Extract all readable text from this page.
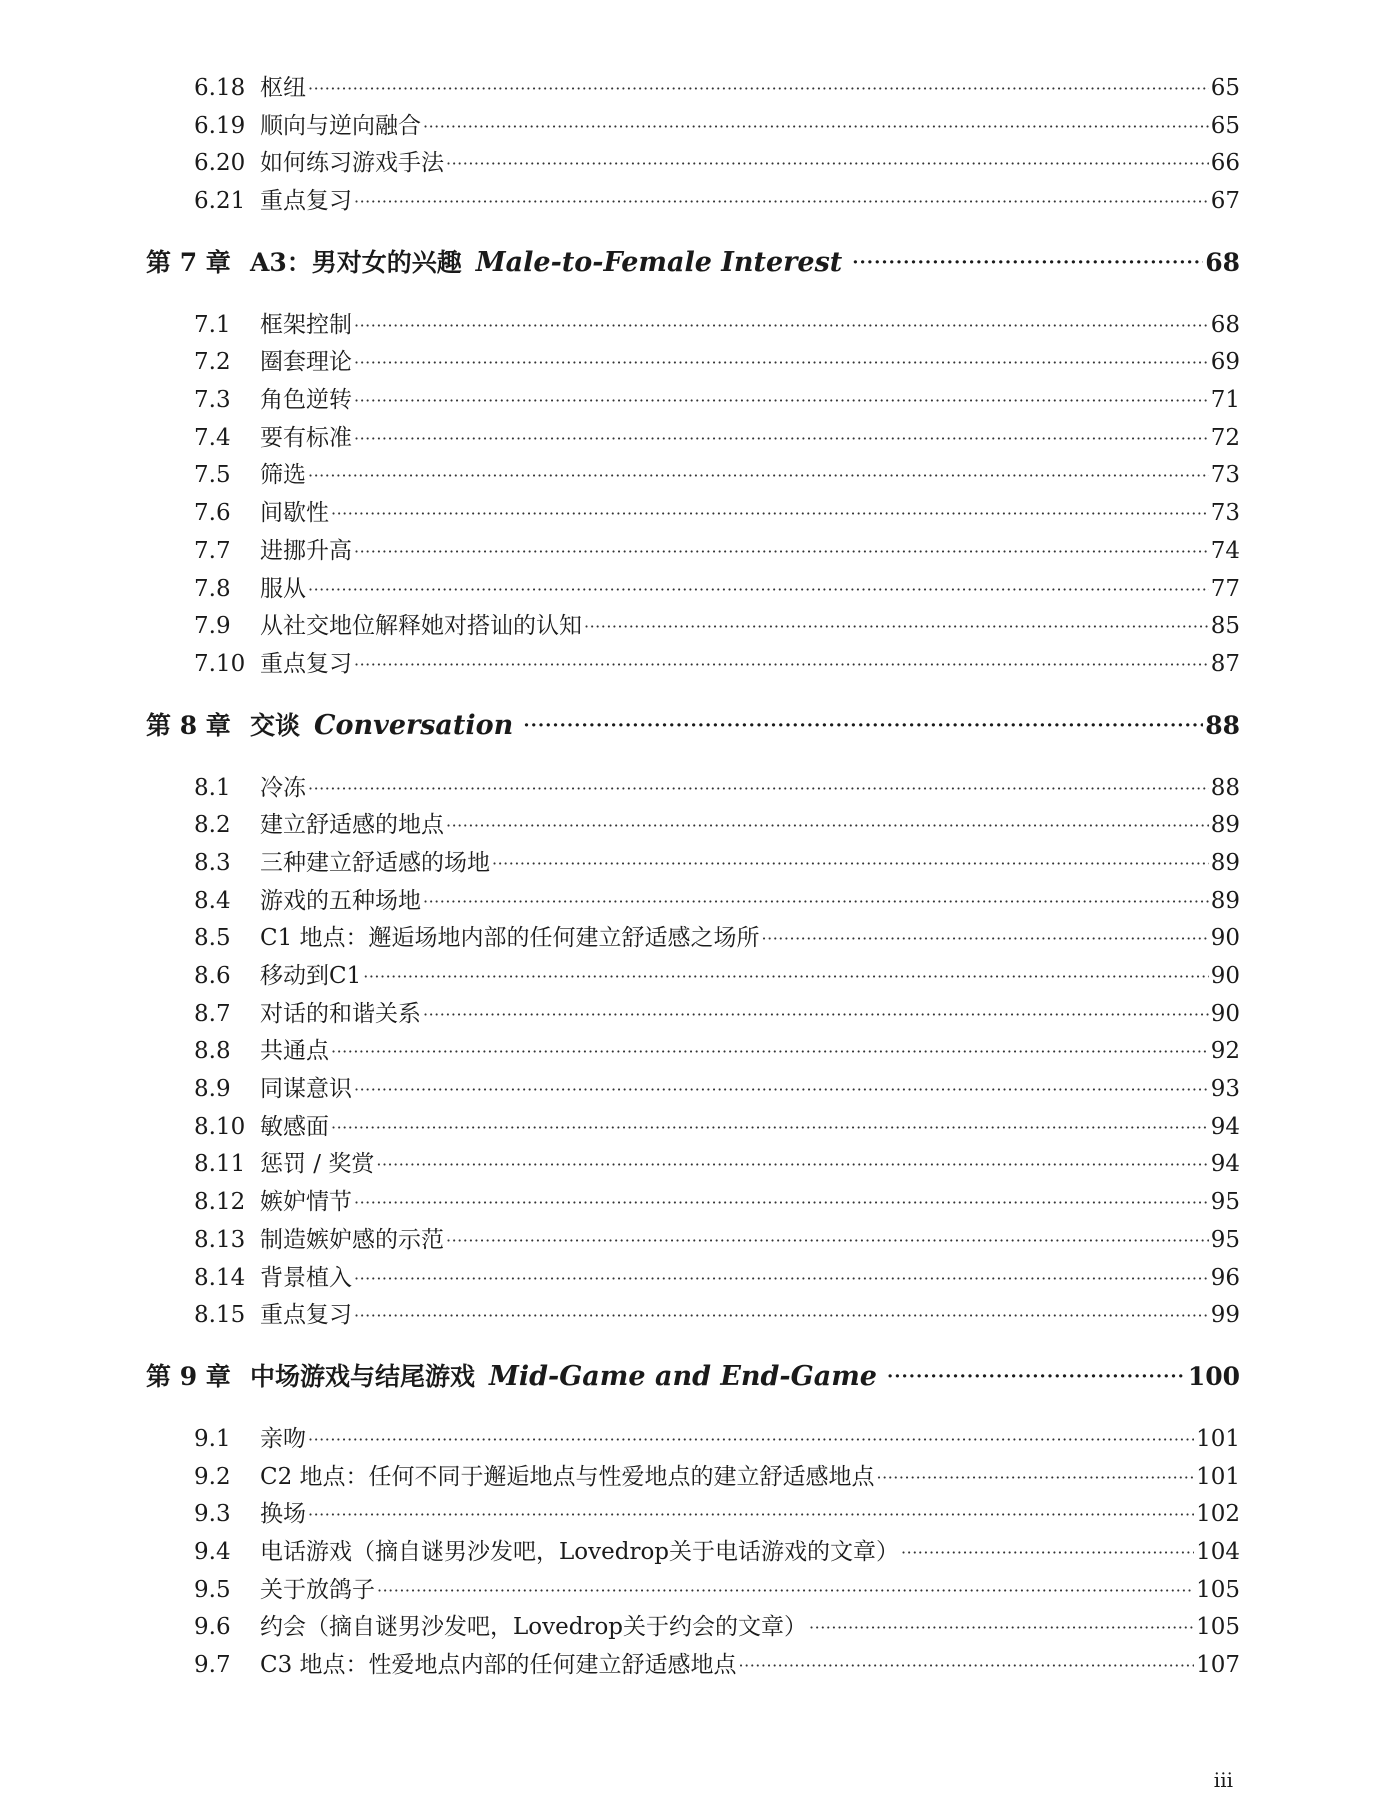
6.18 枢纽 ·····	65
6.19 顺向与逆向融合 ·····	65
6.20 如何练习游戏手法 ·····	66
6.21 重点复习 ·····	67
第 7 章 A3：男对女的兴趣 Male-to-Female Interest ·····	68
7.1	框架控制 ·····	68
7.2	圈套理论 ·····	69
7.3	角色逆转 ·····	71
7.4	要有标准 ·····	72
7.5	筛选 ·····	73
7.6	间歇性 ·····	73
7.7	进挪升高 ·····	74
7.8	服从 ·····	77
7.9	从社交地位解释她对搭讪的认知 ·····	85
7.10 重点复习 ·····	87
第 8 章 交谈 Conversation ·····	88
8.1	冷冻 ·····	88
8.2	建立舒适感的地点 ·····	89
8.3	三种建立舒适感的场地 ·····	89
8.4	游戏的五种场地 ·····	89
8.5	C1 地点：邂逅场地内部的任何建立舒适感之场所 ·····	90
8.6	移动到C1 ·····	90
8.7	对话的和谐关系 ·····	90
8.8	共通点 ·····	92
8.9	同谋意识 ·····	93
8.10 敏感面 ·····	94
8.11 惩罚 / 奖赏 ·····	94
8.12 嫉妒情节 ·····	95
8.13 制造嫉妒感的示范 ·····	95
8.14 背景植入 ·····	96
8.15 重点复习 ·····	99
第 9 章 中场游戏与结尾游戏 Mid-Game and End-Game ·····	100
9.1	亲吻 ·····	101
9.2	C2 地点：任何不同于邂逅地点与性爱地点的建立舒适感地点 ·····	101
9.3	换场 ·····	102
9.4	电话游戏（摘自谜男沙发吧，Lovedrop关于电话游戏的文章） ·····	104
9.5	关于放鸽子 ·····	105
9.6	约会（摘自谜男沙发吧，Lovedrop关于约会的文章） ·····	105
9.7	C3 地点：性爱地点内部的任何建立舒适感地点 ·····	107
iii
